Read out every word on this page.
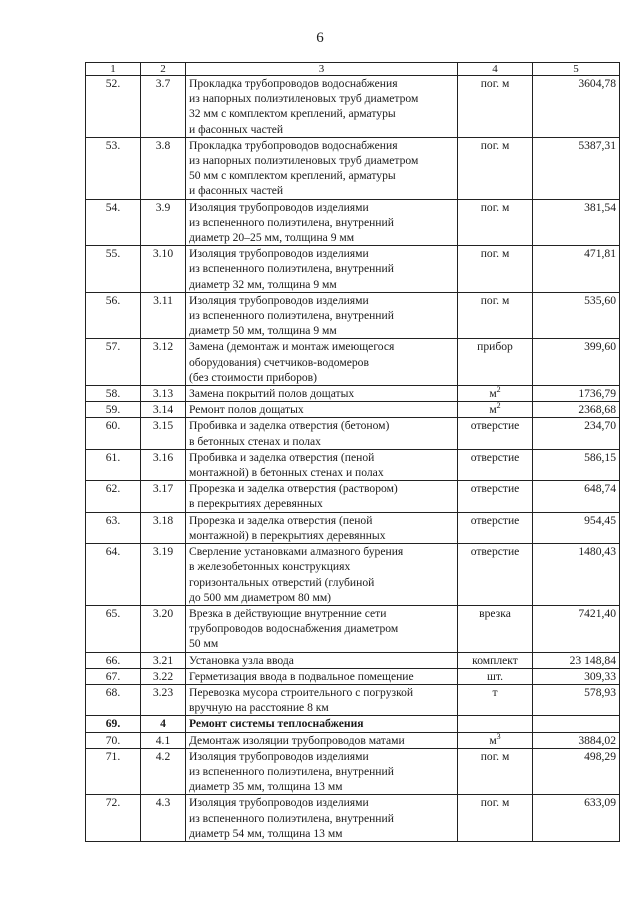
6
1	2	3	4	5
52.	3.7	Прокладка трубопроводов водоснабжения
из напорных полиэтиленовых труб диаметром
32 мм с комплектом креплений, арматуры
и фасонных частей	пог. м	3604,78
53.	3.8	Прокладка трубопроводов водоснабжения
из напорных полиэтиленовых труб диаметром
50 мм с комплектом креплений, арматуры
и фасонных частей	пог. м	5387,31
54.	3.9	Изоляция трубопроводов изделиями
из вспененного полиэтилена, внутренний
диаметр 20–25 мм, толщина 9 мм	пог. м	381,54
55.	3.10	Изоляция трубопроводов изделиями
из вспененного полиэтилена, внутренний
диаметр 32 мм, толщина 9 мм	пог. м	471,81
56.	3.11	Изоляция трубопроводов изделиями
из вспененного полиэтилена, внутренний
диаметр 50 мм, толщина 9 мм	пог. м	535,60
57.	3.12	Замена (демонтаж и монтаж имеющегося
оборудования) счетчиков-водомеров
(без стоимости приборов)	прибор	399,60
58.	3.13	Замена покрытий полов дощатых	$м^2$	1736,79
59.	3.14	Ремонт полов дощатых	$м^2$	2368,68
60.	3.15	Пробивка и заделка отверстия (бетоном)
в бетонных стенах и полах	отверстие	234,70
61.	3.16	Пробивка и заделка отверстия (пеной
монтажной) в бетонных стенах и полах	отверстие	586,15
62.	3.17	Прорезка и заделка отверстия (раствором)
в перекрытиях деревянных	отверстие	648,74
63.	3.18	Прорезка и заделка отверстия (пеной
монтажной) в перекрытиях деревянных	отверстие	954,45
64.	3.19	Сверление установками алмазного бурения
в железобетонных конструкциях
горизонтальных отверстий (глубиной
до 500 мм диаметром 80 мм)	отверстие	1480,43
65.	3.20	Врезка в действующие внутренние сети
трубопроводов водоснабжения диаметром
50 мм	врезка	7421,40
66.	3.21	Установка узла ввода	комплект	23 148,84
67.	3.22	Герметизация ввода в подвальное помещение	шт.	309,33
68.	3.23	Перевозка мусора строительного с погрузкой
вручную на расстояние 8 км	т	578,93
69.	4	Ремонт системы теплоснабжения		

70.	4.1	Демонтаж изоляции трубопроводов матами	$м^3$	3884,02
71.	4.2	Изоляция трубопроводов изделиями
из вспененного полиэтилена, внутренний
диаметр 35 мм, толщина 13 мм	пог. м	498,29
72.	4.3	Изоляция трубопроводов изделиями
из вспененного полиэтилена, внутренний
диаметр 54 мм, толщина 13 мм	пог. м	633,09
